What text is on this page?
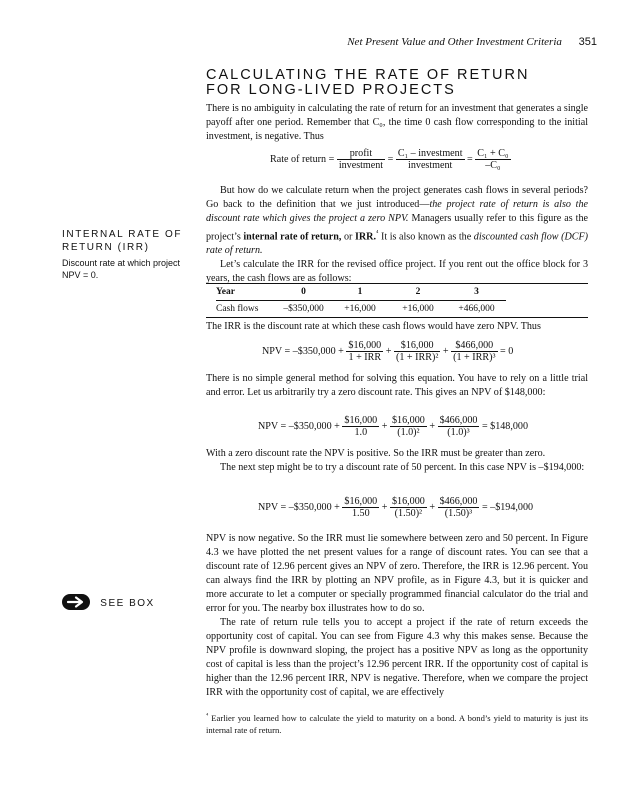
Net Present Value and Other Investment Criteria 351
CALCULATING THE RATE OF RETURN
FOR LONG-LIVED PROJECTS

There is no ambiguity in calculating the rate of return for an investment that generates a single payoff after one period. Remember that C₀, the time 0 cash flow corresponding to the initial investment, is negative. Thus

Rate of return = $\frac{\text{profit}}{\text{investment}} = \frac{\text{C₁ – investment}}{\text{investment}} = \frac{\text{C₁ + C₀}}{\text{–C₀}}$

But how do we calculate return when the project generates cash flows in several periods? Go back to the definition that we just introduced—the project rate of return is also the discount rate which gives the project a zero NPV. Managers usually refer to this figure as the project’s internal rate of return, or IRR.$^{^4}$ It is also known as the discounted cash flow (DCF) rate of return.

Let’s calculate the IRR for the revised office project. If you rent out the office block for 3 years, the cash flows are as follows:

INTERNAL RATE OF RETURN (IRR)
Discount rate at which project NPV = 0.
Year	0	1	2	3
Cash flows	–$350,000	+16,000	+16,000	+466,000

The IRR is the discount rate at which these cash flows would have zero NPV. Thus

NPV = –$350,000 + $\frac{\$16,000}{\text{1 + IRR}} + \frac{\$16,000}{\text{(1 + IRR)²}} + \frac{\$466,000}{\text{(1 + IRR)³}} = 0$

There is no simple general method for solving this equation. You have to rely on a little trial and error. Let us arbitrarily try a zero discount rate. This gives an NPV of $148,000:

NPV = –$350,000 + $\frac{\$16,000}{1.0} + \frac{\$16,000}{\text{(1.0)²}} + \frac{\$466,000}{\text{(1.0)³}}$ = $148,000

With a zero discount rate the NPV is positive. So the IRR must be greater than zero.

The next step might be to try a discount rate of 50 percent. In this case NPV is –$194,000:

NPV = –$350,000 + $\frac{\$16,000}{1.50} + \frac{\$16,000}{\text{(1.50)²}} + \frac{\$466,000}{\text{(1.50)³}}$ = –$194,000

NPV is now negative. So the IRR must lie somewhere between zero and 50 percent. In Figure 4.3 we have plotted the net present values for a range of discount rates. You can see that a discount rate of 12.96 percent gives an NPV of zero. Therefore, the IRR is 12.96 percent. You can always find the IRR by plotting an NPV profile, as in Figure 4.3, but it is quicker and more accurate to let a computer or specially programmed financial calculator do the trial and error for you. The nearby box illustrates how to do so.

The rate of return rule tells you to accept a project if the rate of return exceeds the opportunity cost of capital. You can see from Figure 4.3 why this makes sense. Because the NPV profile is downward sloping, the project has a positive NPV as long as the opportunity cost of capital is less than the project’s 12.96 percent IRR. If the opportunity cost of capital is higher than the 12.96 percent IRR, NPV is negative. Therefore, when we compare the project IRR with the opportunity cost of capital, we are effectively

SEE BOX
$^{^4}$ Earlier you learned how to calculate the yield to maturity on a bond. A bond’s yield to maturity is just its internal rate of return.
